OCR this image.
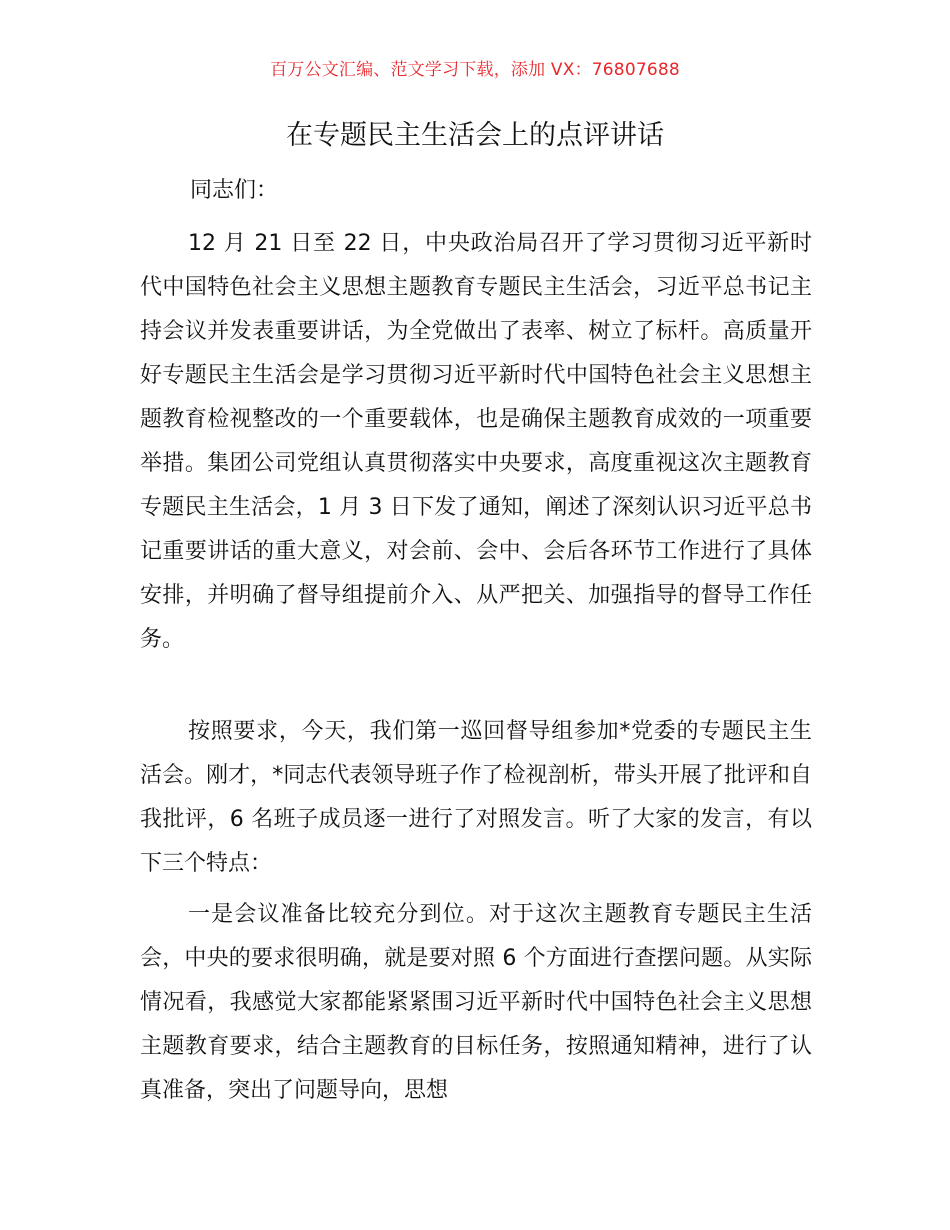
百万公文汇编、范文学习下载，添加 VX：76807688
在专题民主生活会上的点评讲话

同志们：

12 月 21 日至 22 日，中央政治局召开了学习贯彻习近平新时代中国特色社会主义思想主题教育专题民主生活会，习近平总书记主持会议并发表重要讲话，为全党做出了表率、树立了标杆。高质量开好专题民主生活会是学习贯彻习近平新时代中国特色社会主义思想主题教育检视整改的一个重要载体，也是确保主题教育成效的一项重要举措。集团公司党组认真贯彻落实中央要求，高度重视这次主题教育专题民主生活会，1 月 3 日下发了通知，阐述了深刻认识习近平总书记重要讲话的重大意义，对会前、会中、会后各环节工作进行了具体安排，并明确了督导组提前介入、从严把关、加强指导的督导工作任务。

按照要求，今天，我们第一巡回督导组参加*党委的专题民主生活会。刚才，*同志代表领导班子作了检视剖析，带头开展了批评和自我批评，6 名班子成员逐一进行了对照发言。听了大家的发言，有以下三个特点：

一是会议准备比较充分到位。对于这次主题教育专题民主生活会，中央的要求很明确，就是要对照 6 个方面进行查摆问题。从实际情况看，我感觉大家都能紧紧围习近平新时代中国特色社会主义思想主题教育要求，结合主题教育的目标任务，按照通知精神，进行了认真准备，突出了问题导向，思想
